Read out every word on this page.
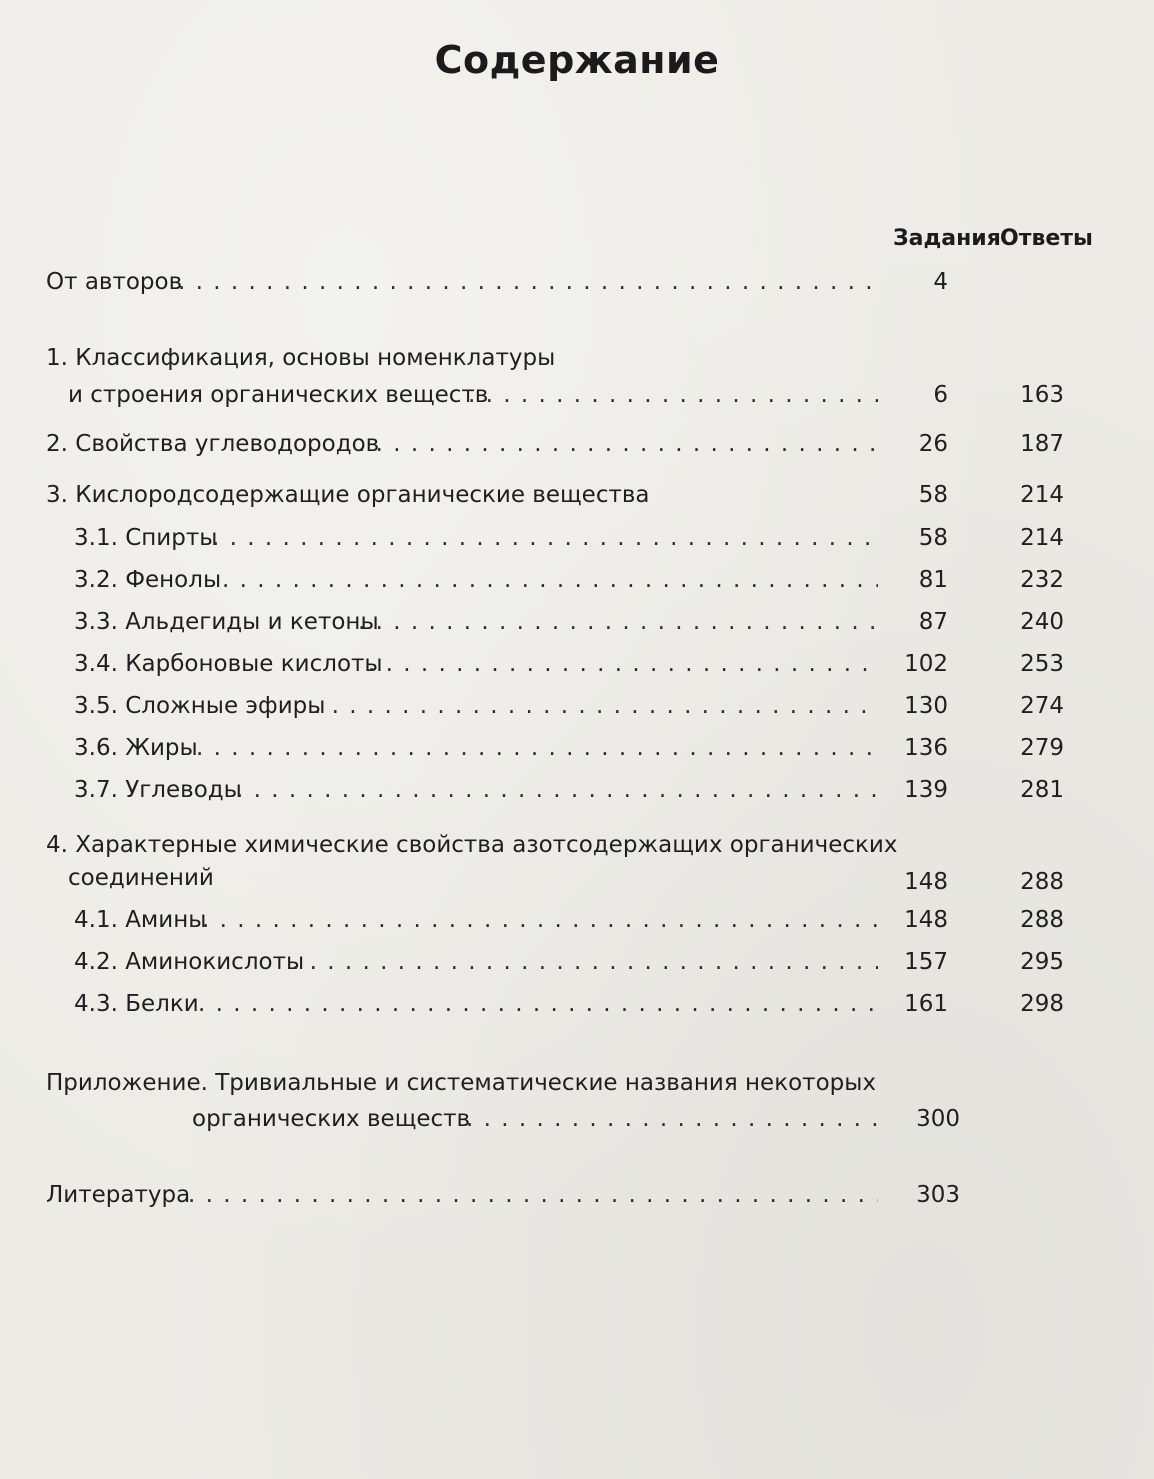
Содержание
Задания Ответы
От авторов . . .	4
1. Классификация, основы номенклатуры
и строения органических веществ . . .	6	163
2. Свойства углеводородов . . .	26	187
3. Кислородсодержащие органические вещества	58	214
3.1. Спирты . . .	58	214
3.2. Фенолы . . .	81	232
3.3. Альдегиды и кетоны . . .	87	240
3.4. Карбоновые кислоты . . .	102	253
3.5. Сложные эфиры . . .	130	274
3.6. Жиры . . .	136	279
3.7. Углеводы . . .	139	281
4. Характерные химические свойства азотсодержащих органических
соединений	148	288
4.1. Амины . . .	148	288
4.2. Аминокислоты . . .	157	295
4.3. Белки . . .	161	298
Приложение. Тривиальные и систематические названия некоторых
органических веществ . . .	300
Литература . . .	303
